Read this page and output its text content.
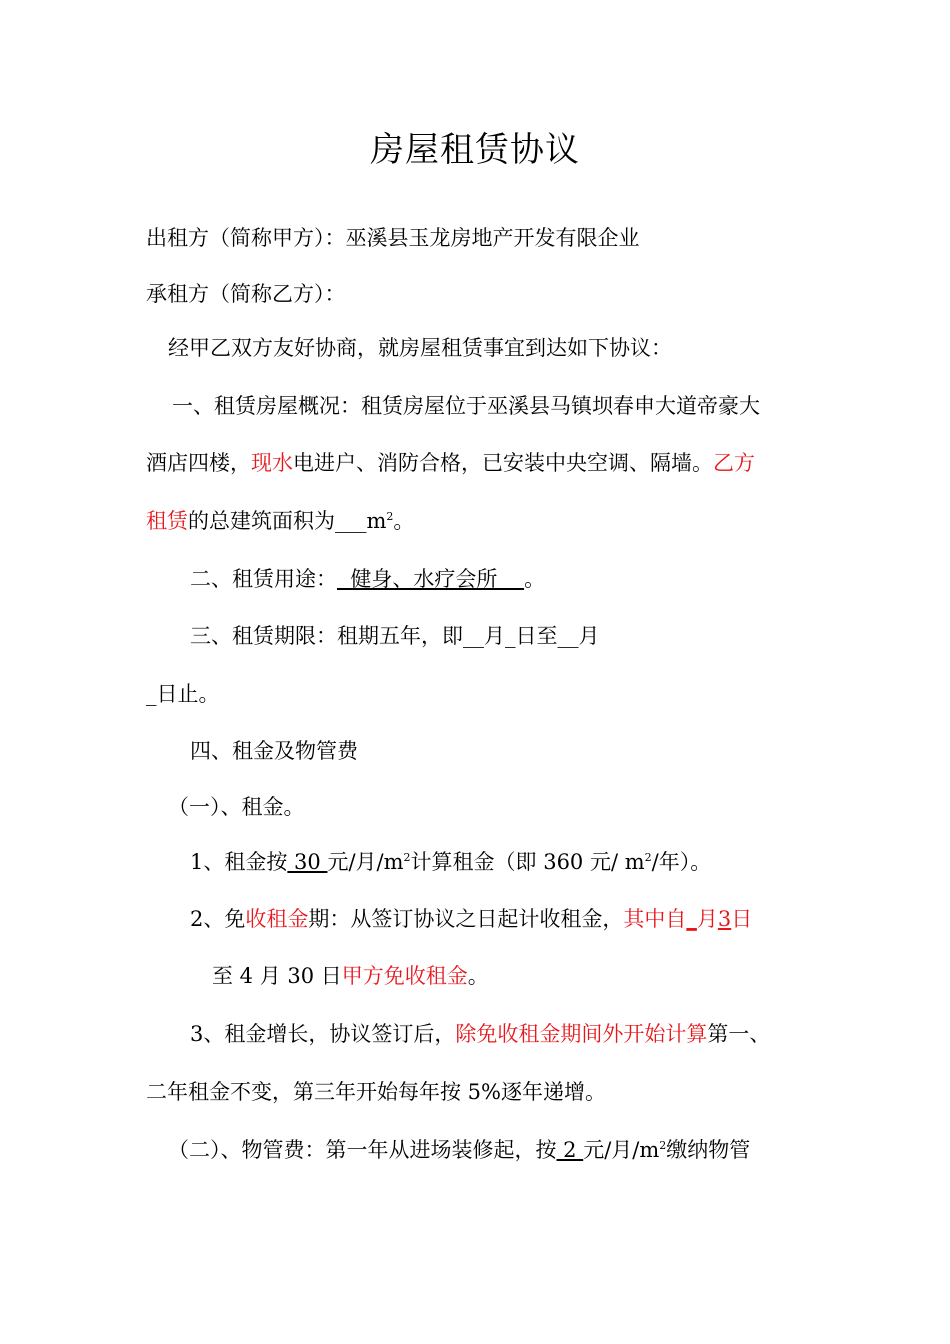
房屋租赁协议
出租方（简称甲方）：巫溪县玉龙房地产开发有限企业
承租方（简称乙方）：
经甲乙双方友好协商，就房屋租赁事宜到达如下协议：
一、租赁房屋概况：租赁房屋位于巫溪县马镇坝春申大道帝豪大
酒店四楼，现水电进户、消防合格，已安装中央空调、隔墙。乙方
租赁的总建筑面积为$\_\_\_m^2$。
二、租赁用途：  健身、水疗会所    。
三、租赁期限：租期五年，即__月_日至__月
_日止。
四、租金及物管费
（一）、租金。
1、租金按 30 元/月$/m^2$计算租金（即 360 元/ $m^2/$年）。
2、免收租金期：从签订协议之日起计收租金，其中自_月3日
至 4 月 30 日甲方免收租金。
3、租金增长，协议签订后，除免收租金期间外开始计算第一、
二年租金不变，第三年开始每年按 5%逐年递增。
（二）、物管费：第一年从进场装修起，按 2 元/月$/m^2$缴纳物管
